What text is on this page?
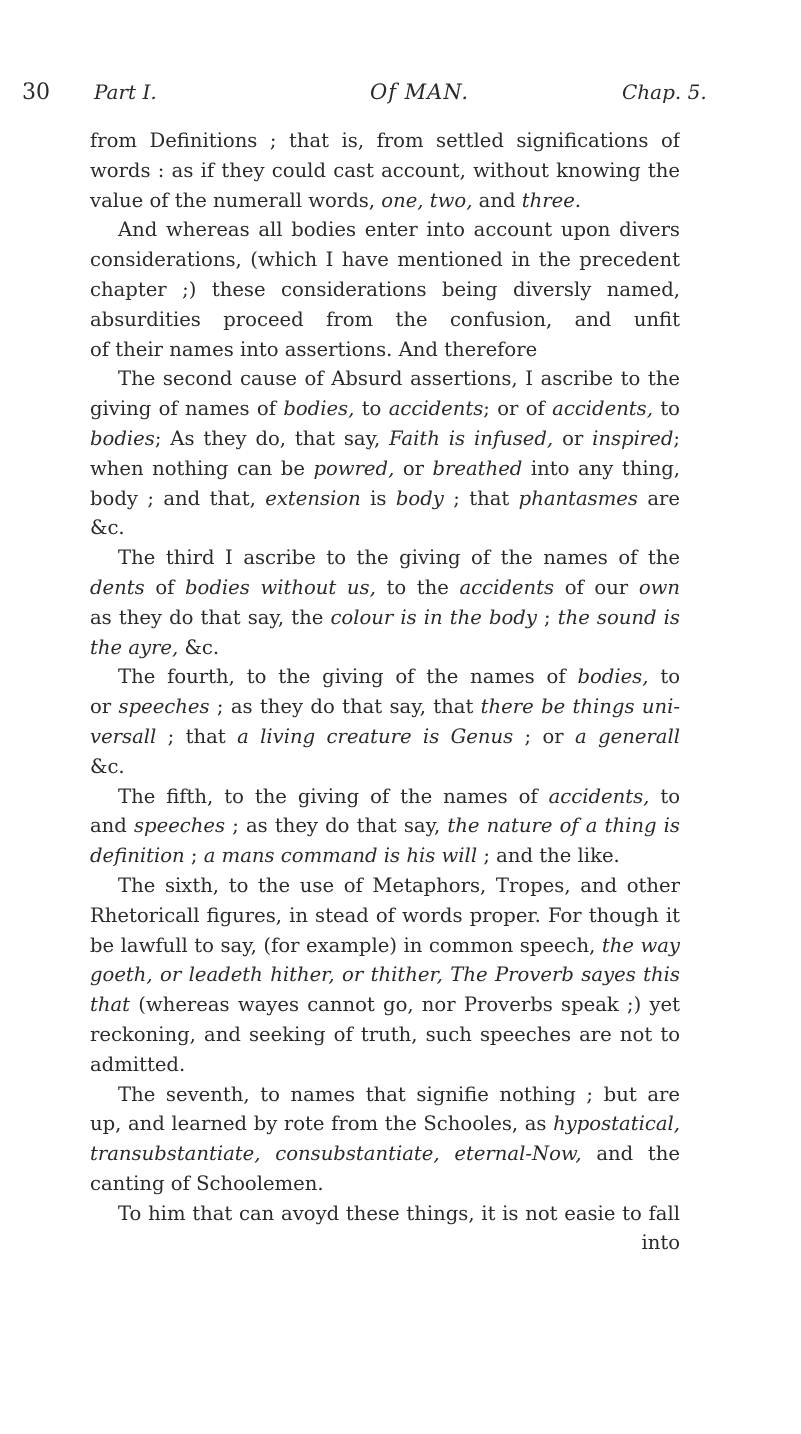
30 Part I.	Of MAN.	Chap. 5.
from Definitions ; that is, from settled significations of
words : as if they could cast account, without knowing the
value of the numerall words, one, two, and three.
And whereas all bodies enter into account upon divers
considerations, (which I have mentioned in the precedent
chapter ;) these considerations being diversly named,
absurdities proceed from the confusion, and unfit
of their names into assertions. And therefore
The second cause of Absurd assertions, I ascribe to the
giving of names of bodies, to accidents; or of accidents, to
bodies; As they do, that say, Faith is infused, or inspired;
when nothing can be powred, or breathed into any thing,
body ; and that, extension is body ; that phantasmes are
&c.
The third I ascribe to the giving of the names of the
dents of bodies without us, to the accidents of our own
as they do that say, the colour is in the body ; the sound is
the ayre, &c.
The fourth, to the giving of the names of bodies, to
or speeches ; as they do that say, that there be things uni-
versall ; that a living creature is Genus ; or a generall
&c.
The fifth, to the giving of the names of accidents, to
and speeches ; as they do that say, the nature of a thing is
definition ; a mans command is his will ; and the like.
The sixth, to the use of Metaphors, Tropes, and other
Rhetoricall figures, in stead of words proper. For though it
be lawfull to say, (for example) in common speech, the way
goeth, or leadeth hither, or thither, The Proverb sayes this
that (whereas wayes cannot go, nor Proverbs speak ;) yet
reckoning, and seeking of truth, such speeches are not to
admitted.
The seventh, to names that signifie nothing ; but are
up, and learned by rote from the Schooles, as hypostatical,
transubstantiate, consubstantiate, eternal-Now, and the
canting of Schoolemen.
To him that can avoyd these things, it is not easie to fall
into
